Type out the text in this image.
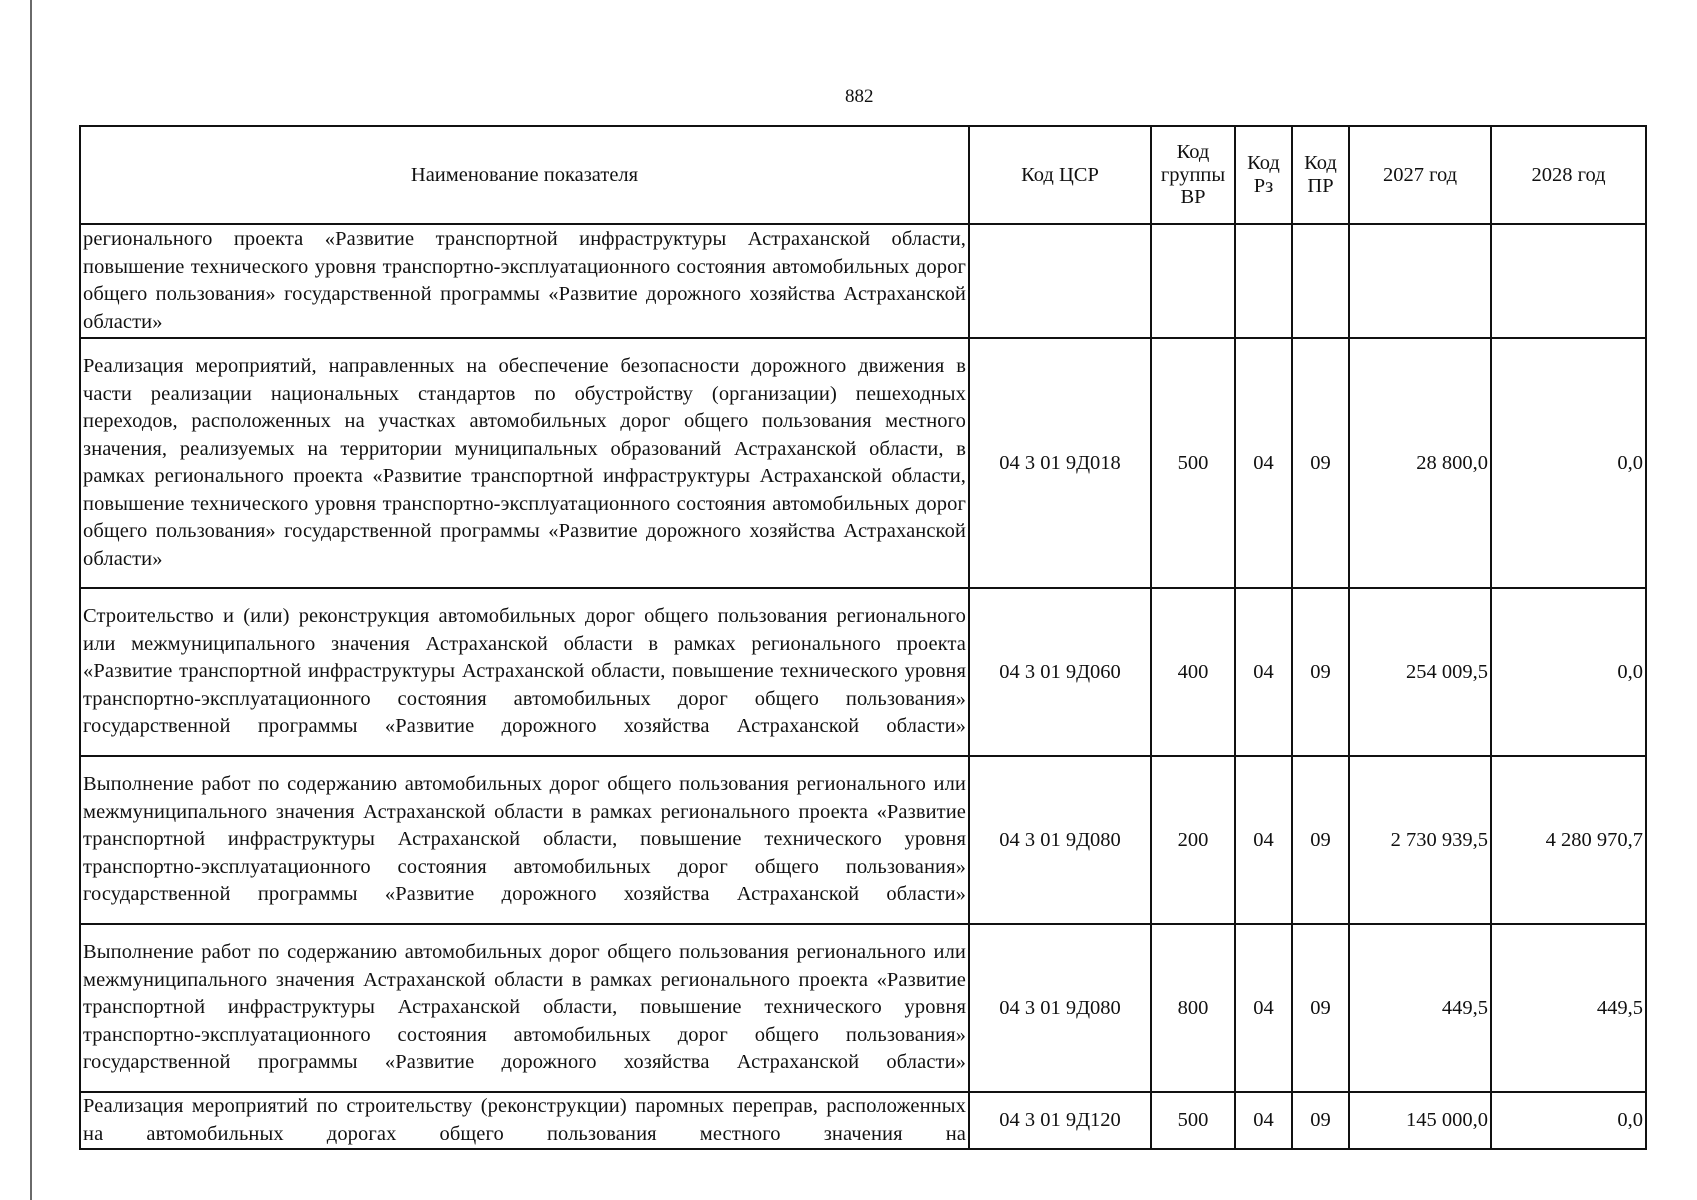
882
Наименование показателя	Код ЦСР	Код группы ВР	Код Рз	Код ПР	2027 год	2028 год
регионального проекта «Развитие транспортной инфраструктуры Астраханской области, повышение технического уровня транспортно-эксплуатационного состояния автомобильных дорог общего пользования» государственной программы «Развитие дорожного хозяйства Астраханской области»						
Реализация мероприятий, направленных на обеспечение безопасности дорожного движения в части реализации национальных стандартов по обустройству (организации) пешеходных переходов, расположенных на участках автомобильных дорог общего пользования местного значения, реализуемых на территории муниципальных образований Астраханской области, в рамках регионального проекта «Развитие транспортной инфраструктуры Астраханской области, повышение технического уровня транспортно-эксплуатационного состояния автомобильных дорог общего пользования» государственной программы «Развитие дорожного хозяйства Астраханской области»	04 3 01 9Д018	500	04	09	28 800,0	0,0
Строительство и (или) реконструкция автомобильных дорог общего пользования регионального или межмуниципального значения Астраханской области в рамках регионального проекта «Развитие транспортной инфраструктуры Астраханской области, повышение технического уровня транспортно-эксплуатационного состояния автомобильных дорог общего пользования» государственной программы «Развитие дорожного хозяйства Астраханской области»	04 3 01 9Д060	400	04	09	254 009,5	0,0
Выполнение работ по содержанию автомобильных дорог общего пользования регионального или межмуниципального значения Астраханской области в рамках регионального проекта «Развитие транспортной инфраструктуры Астраханской области, повышение технического уровня транспортно-эксплуатационного состояния автомобильных дорог общего пользования» государственной программы «Развитие дорожного хозяйства Астраханской области»	04 3 01 9Д080	200	04	09	2 730 939,5	4 280 970,7
Выполнение работ по содержанию автомобильных дорог общего пользования регионального или межмуниципального значения Астраханской области в рамках регионального проекта «Развитие транспортной инфраструктуры Астраханской области, повышение технического уровня транспортно-эксплуатационного состояния автомобильных дорог общего пользования» государственной программы «Развитие дорожного хозяйства Астраханской области»	04 3 01 9Д080	800	04	09	449,5	449,5
Реализация мероприятий по строительству (реконструкции) паромных переправ, расположенных на автомобильных дорогах общего пользования местного значения на	04 3 01 9Д120	500	04	09	145 000,0	0,0
